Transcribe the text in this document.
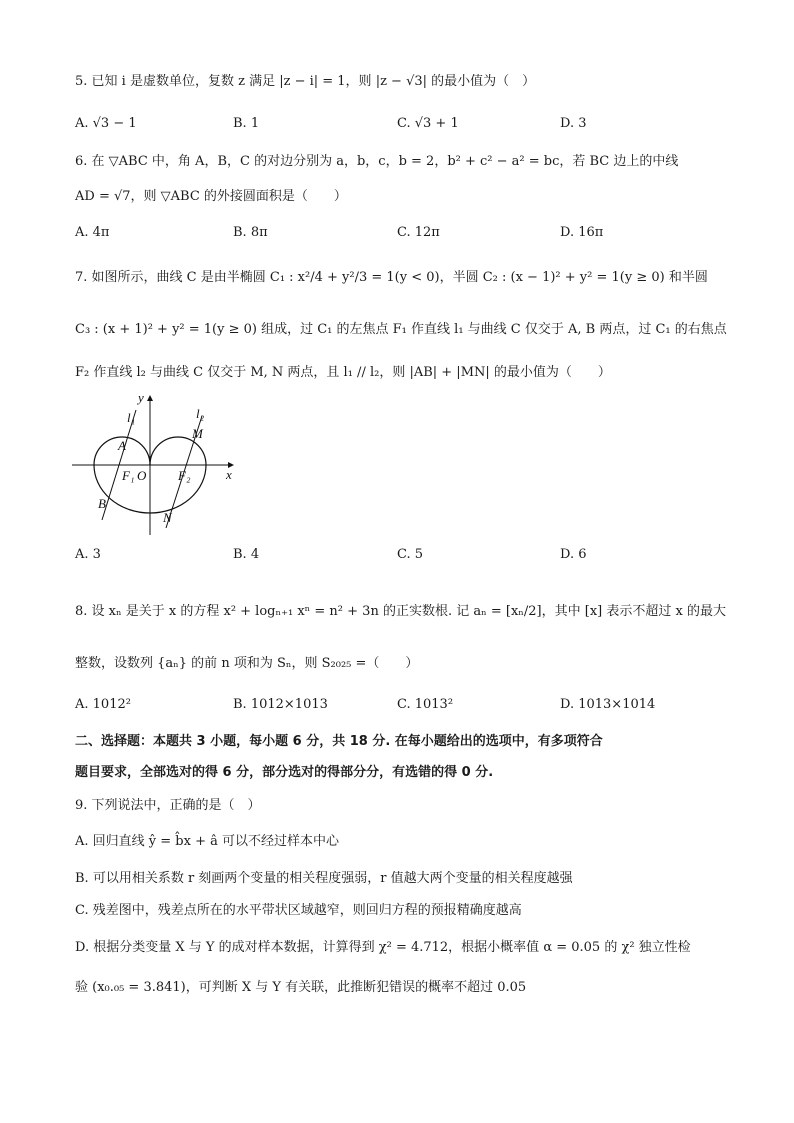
5. 已知 i 是虚数单位，复数 z 满足 |z − i| = 1，则 |z − √3| 的最小值为（　）
A. √3 − 1	B. 1	C. √3 + 1	D. 3
6. 在 ▽ABC 中，角 A，B，C 的对边分别为 a，b，c，b = 2，b² + c² − a² = bc，若 BC 边上的中线
AD = √7，则 ▽ABC 的外接圆面积是（　　）
A. 4π	B. 8π	C. 12π	D. 16π
7. 如图所示，曲线 C 是由半椭圆 C₁ : x²/4 + y²/3 = 1(y < 0)，半圆 C₂ : (x − 1)² + y² = 1(y ≥ 0) 和半圆
C₃ : (x + 1)² + y² = 1(y ≥ 0) 组成，过 C₁ 的左焦点 F₁ 作直线 l₁ 与曲线 C 仅交于 A, B 两点，过 C₁ 的右焦点
F₂ 作直线 l₂ 与曲线 C 仅交于 M, N 两点，且 l₁ // l₂，则 |AB| + |MN| 的最小值为（　　）
y
x
O
l₁	l₂
A
B
M
N
F₁	F₂
A. 3	B. 4	C. 5	D. 6
8. 设 xₙ 是关于 x 的方程 x² + logₙ₊₁ xⁿ = n² + 3n 的正实数根. 记 aₙ = [xₙ/2]，其中 [x] 表示不超过 x 的最大
整数，设数列 {aₙ} 的前 n 项和为 Sₙ，则 S₂₀₂₅ =（　　）
A. 1012²	B. 1012×1013	C. 1013²	D. 1013×1014
二、选择题：本题共 3 小题，每小题 6 分，共 18 分. 在每小题给出的选项中，有多项符合
题目要求，全部选对的得 6 分，部分选对的得部分分，有选错的得 0 分.
9. 下列说法中，正确的是（　）
A. 回归直线 ŷ = b̂x + â 可以不经过样本中心
B. 可以用相关系数 r 刻画两个变量的相关程度强弱，r 值越大两个变量的相关程度越强
C. 残差图中，残差点所在的水平带状区域越窄，则回归方程的预报精确度越高
D. 根据分类变量 X 与 Y 的成对样本数据，计算得到 χ² = 4.712，根据小概率值 α = 0.05 的 χ² 独立性检
验 (x₀.₀₅ = 3.841)，可判断 X 与 Y 有关联，此推断犯错误的概率不超过 0.05
